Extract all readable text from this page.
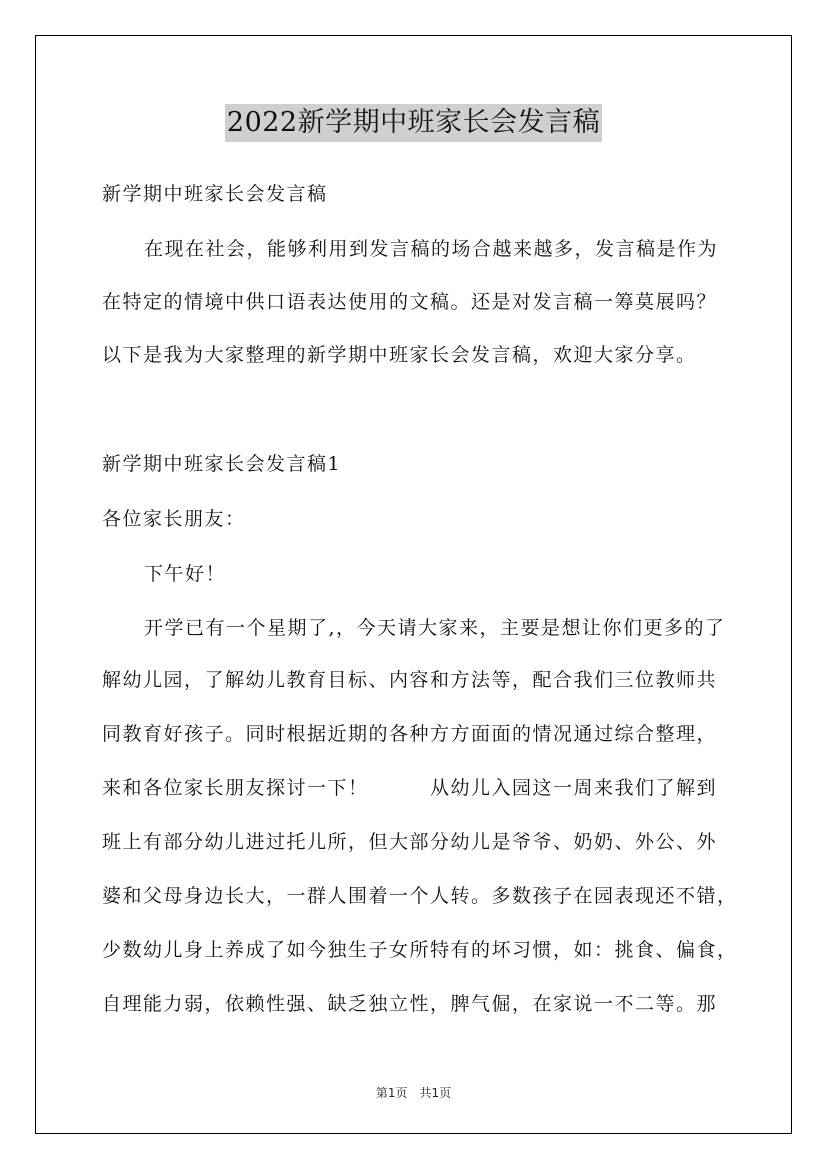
2022新学期中班家长会发言稿
新学期中班家长会发言稿
在现在社会，能够利用到发言稿的场合越来越多，发言稿是作为
在特定的情境中供口语表达使用的文稿。还是对发言稿一筹莫展吗？
以下是我为大家整理的新学期中班家长会发言稿，欢迎大家分享。
新学期中班家长会发言稿1
各位家长朋友：
下午好！
开学已有一个星期了,，今天请大家来，主要是想让你们更多的了
解幼儿园，了解幼儿教育目标、内容和方法等，配合我们三位教师共
同教育好孩子。同时根据近期的各种方方面面的情况通过综合整理，
来和各位家长朋友探讨一下！　　　从幼儿入园这一周来我们了解到
班上有部分幼儿进过托儿所，但大部分幼儿是爷爷、奶奶、外公、外
婆和父母身边长大，一群人围着一个人转。多数孩子在园表现还不错，
少数幼儿身上养成了如今独生子女所特有的坏习惯，如：挑食、偏食，
自理能力弱，依赖性强、缺乏独立性，脾气倔，在家说一不二等。那
第1页 共1页
